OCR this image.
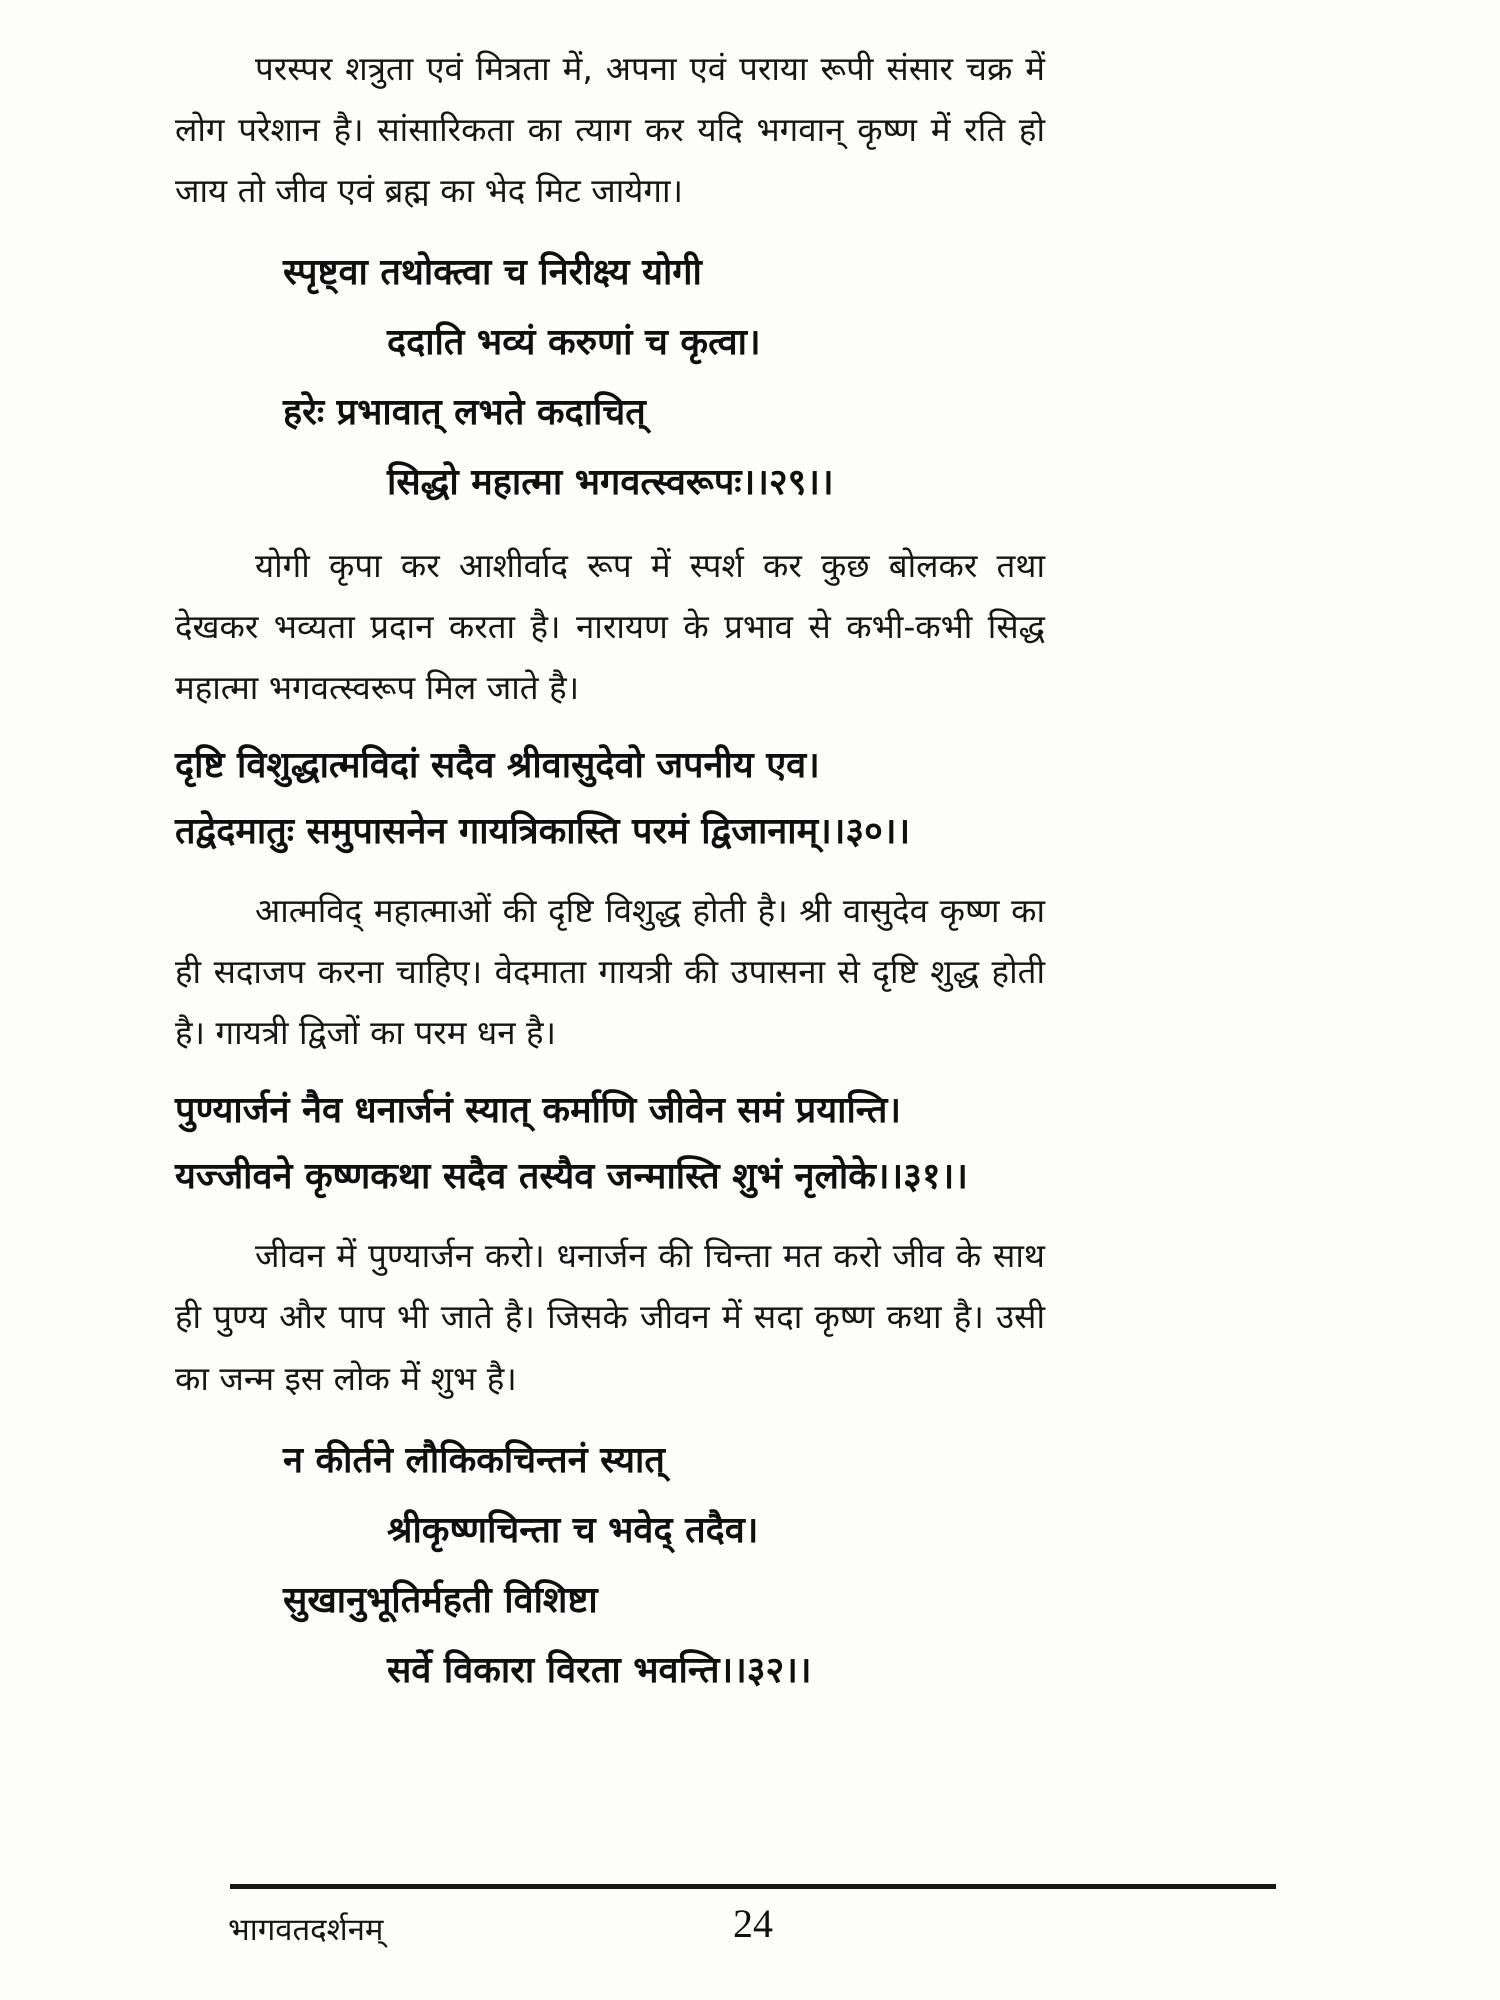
परस्पर शत्रुता एवं मित्रता में, अपना एवं पराया रूपी संसार चक्र में लोग परेशान है। सांसारिकता का त्याग कर यदि भगवान् कृष्ण में रति हो जाय तो जीव एवं ब्रह्म का भेद मिट जायेगा।

स्पृष्ट्वा तथोक्त्वा च निरीक्ष्य योगी
ददाति भव्यं करुणां च कृत्वा।
हरेः प्रभावात् लभते कदाचित्
सिद्धो महात्मा भगवत्स्वरूपः।।२९।।

योगी कृपा कर आशीर्वाद रूप में स्पर्श कर कुछ बोलकर तथा देखकर भव्यता प्रदान करता है। नारायण के प्रभाव से कभी-कभी सिद्ध महात्मा भगवत्स्वरूप मिल जाते है।

दृष्टि विशुद्धात्मविदां सदैव श्रीवासुदेवो जपनीय एव।
तद्वेदमातुः समुपासनेन गायत्रिकास्ति परमं द्विजानाम्।।३०।।

आत्मविद् महात्माओं की दृष्टि विशुद्ध होती है। श्री वासुदेव कृष्ण का ही सदाजप करना चाहिए। वेदमाता गायत्री की उपासना से दृष्टि शुद्ध होती है। गायत्री द्विजों का परम धन है।

पुण्यार्जनं नैव धनार्जनं स्यात् कर्माणि जीवेन समं प्रयान्ति।
यज्जीवने कृष्णकथा सदैव तस्यैव जन्मास्ति शुभं नृलोके।।३१।।

जीवन में पुण्यार्जन करो। धनार्जन की चिन्ता मत करो जीव के साथ ही पुण्य और पाप भी जाते है। जिसके जीवन में सदा कृष्ण कथा है। उसी का जन्म इस लोक में शुभ है।

न कीर्तने लौकिकचिन्तनं स्यात्
श्रीकृष्णचिन्ता च भवेद् तदैव।
सुखानुभूतिर्महती विशिष्टा
सर्वे विकारा विरता भवन्ति।।३२।।
भागवतदर्शनम्	24
